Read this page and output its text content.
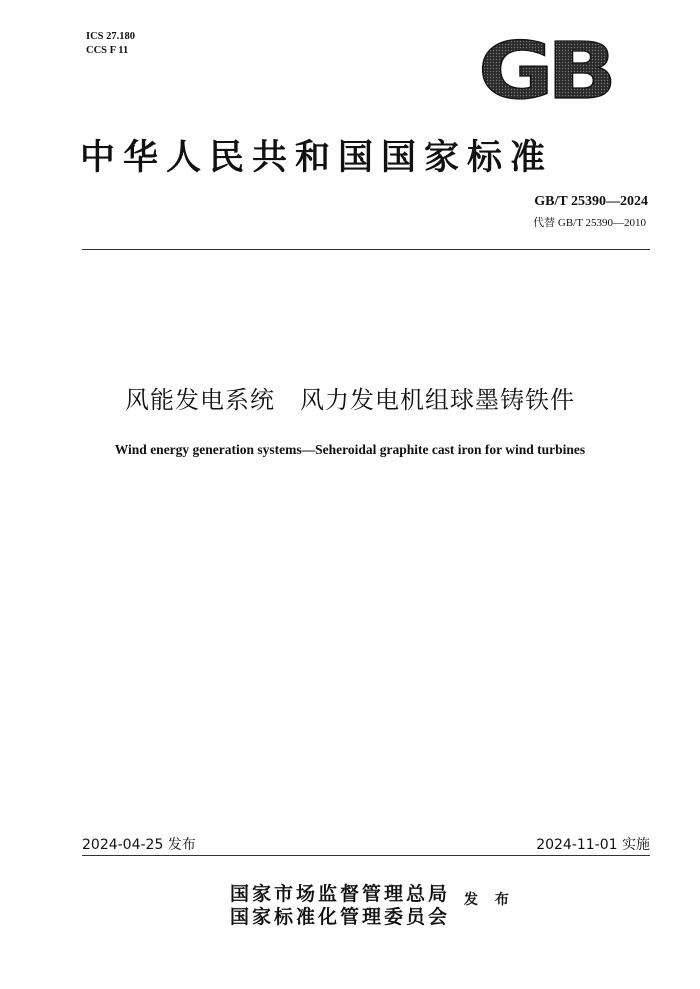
ICS 27.180
CCS F 11	GB
中华人民共和国国家标准
GB/T 25390—2024
代替 GB/T 25390—2010
风能发电系统　风力发电机组球墨铸铁件
Wind energy generation systems—Seheroidal graphite cast iron for wind turbines
2024-04-25 发布	2024-11-01 实施
国家市场监督管理总局
国家标准化管理委员会
发 布
